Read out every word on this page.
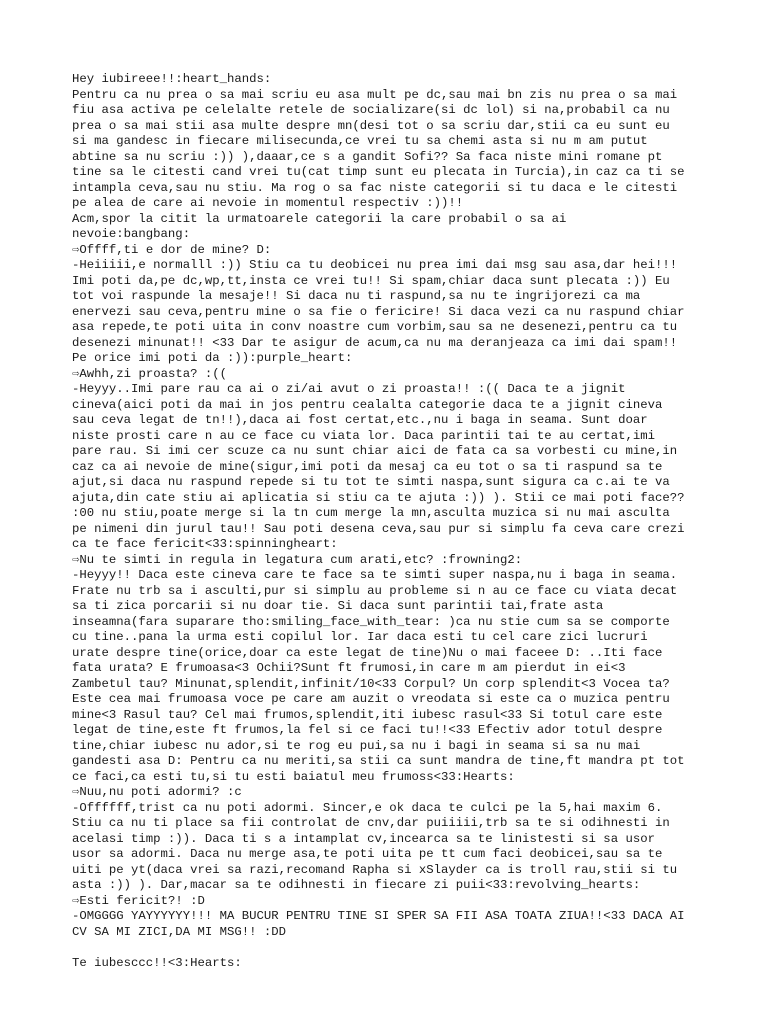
Hey iubireee!!:heart_hands:
Pentru ca nu prea o sa mai scriu eu asa mult pe dc,sau mai bn zis nu prea o sa mai
fiu asa activa pe celelalte retele de socializare(si dc lol) si na,probabil ca nu
prea o sa mai stii asa multe despre mn(desi tot o sa scriu dar,stii ca eu sunt eu
si ma gandesc in fiecare milisecunda,ce vrei tu sa chemi asta si nu m am putut
abtine sa nu scriu :)) ),daaar,ce s a gandit Sofi?? Sa faca niste mini romane pt
tine sa le citesti cand vrei tu(cat timp sunt eu plecata in Turcia),in caz ca ti se
intampla ceva,sau nu stiu. Ma rog o sa fac niste categorii si tu daca e le citesti
pe alea de care ai nevoie in momentul respectiv :))!!
Acm,spor la citit la urmatoarele categorii la care probabil o sa ai
nevoie:bangbang:
⇨Offff,ti e dor de mine? D:
-Heiiiii,e normalll :)) Stiu ca tu deobicei nu prea imi dai msg sau asa,dar hei!!!
Imi poti da,pe dc,wp,tt,insta ce vrei tu!! Si spam,chiar daca sunt plecata :)) Eu
tot voi raspunde la mesaje!! Si daca nu ti raspund,sa nu te ingrijorezi ca ma
enervezi sau ceva,pentru mine o sa fie o fericire! Si daca vezi ca nu raspund chiar
asa repede,te poti uita in conv noastre cum vorbim,sau sa ne desenezi,pentru ca tu
desenezi minunat!! <33 Dar te asigur de acum,ca nu ma deranjeaza ca imi dai spam!!
Pe orice imi poti da :)):purple_heart:
⇨Awhh,zi proasta? :((
-Heyyy..Imi pare rau ca ai o zi/ai avut o zi proasta!! :(( Daca te a jignit
cineva(aici poti da mai in jos pentru cealalta categorie daca te a jignit cineva
sau ceva legat de tn!!),daca ai fost certat,etc.,nu i baga in seama. Sunt doar
niste prosti care n au ce face cu viata lor. Daca parintii tai te au certat,imi
pare rau. Si imi cer scuze ca nu sunt chiar aici de fata ca sa vorbesti cu mine,in
caz ca ai nevoie de mine(sigur,imi poti da mesaj ca eu tot o sa ti raspund sa te
ajut,si daca nu raspund repede si tu tot te simti naspa,sunt sigura ca c.ai te va
ajuta,din cate stiu ai aplicatia si stiu ca te ajuta :)) ). Stii ce mai poti face??
:00 nu stiu,poate merge si la tn cum merge la mn,asculta muzica si nu mai asculta
pe nimeni din jurul tau!! Sau poti desena ceva,sau pur si simplu fa ceva care crezi
ca te face fericit<33:spinningheart:
⇨Nu te simti in regula in legatura cum arati,etc? :frowning2:
-Heyyy!! Daca este cineva care te face sa te simti super naspa,nu i baga in seama.
Frate nu trb sa i asculti,pur si simplu au probleme si n au ce face cu viata decat
sa ti zica porcarii si nu doar tie. Si daca sunt parintii tai,frate asta
inseamna(fara suparare tho:smiling_face_with_tear: )ca nu stie cum sa se comporte
cu tine..pana la urma esti copilul lor. Iar daca esti tu cel care zici lucruri
urate despre tine(orice,doar ca este legat de tine)Nu o mai faceee D: ..Iti face
fata urata? E frumoasa<3 Ochii?Sunt ft frumosi,in care m am pierdut in ei<3
Zambetul tau? Minunat,splendit,infinit/10<33 Corpul? Un corp splendit<3 Vocea ta?
Este cea mai frumoasa voce pe care am auzit o vreodata si este ca o muzica pentru
mine<3 Rasul tau? Cel mai frumos,splendit,iti iubesc rasul<33 Si totul care este
legat de tine,este ft frumos,la fel si ce faci tu!!<33 Efectiv ador totul despre
tine,chiar iubesc nu ador,si te rog eu pui,sa nu i bagi in seama si sa nu mai
gandesti asa D: Pentru ca nu meriti,sa stii ca sunt mandra de tine,ft mandra pt tot
ce faci,ca esti tu,si tu esti baiatul meu frumoss<33:Hearts:
⇨Nuu,nu poti adormi? :c
-Offffff,trist ca nu poti adormi. Sincer,e ok daca te culci pe la 5,hai maxim 6.
Stiu ca nu ti place sa fii controlat de cnv,dar puiiiii,trb sa te si odihnesti in
acelasi timp :)). Daca ti s a intamplat cv,incearca sa te linistesti si sa usor
usor sa adormi. Daca nu merge asa,te poti uita pe tt cum faci deobicei,sau sa te
uiti pe yt(daca vrei sa razi,recomand Rapha si xSlayder ca is troll rau,stii si tu
asta :)) ). Dar,macar sa te odihnesti in fiecare zi puii<33:revolving_hearts:
⇨Esti fericit?! :D
-OMGGGG YAYYYYYY!!! MA BUCUR PENTRU TINE SI SPER SA FII ASA TOATA ZIUA!!<33 DACA AI
CV SA MI ZICI,DA MI MSG!! :DD
Te iubesccc!!<3:Hearts:
